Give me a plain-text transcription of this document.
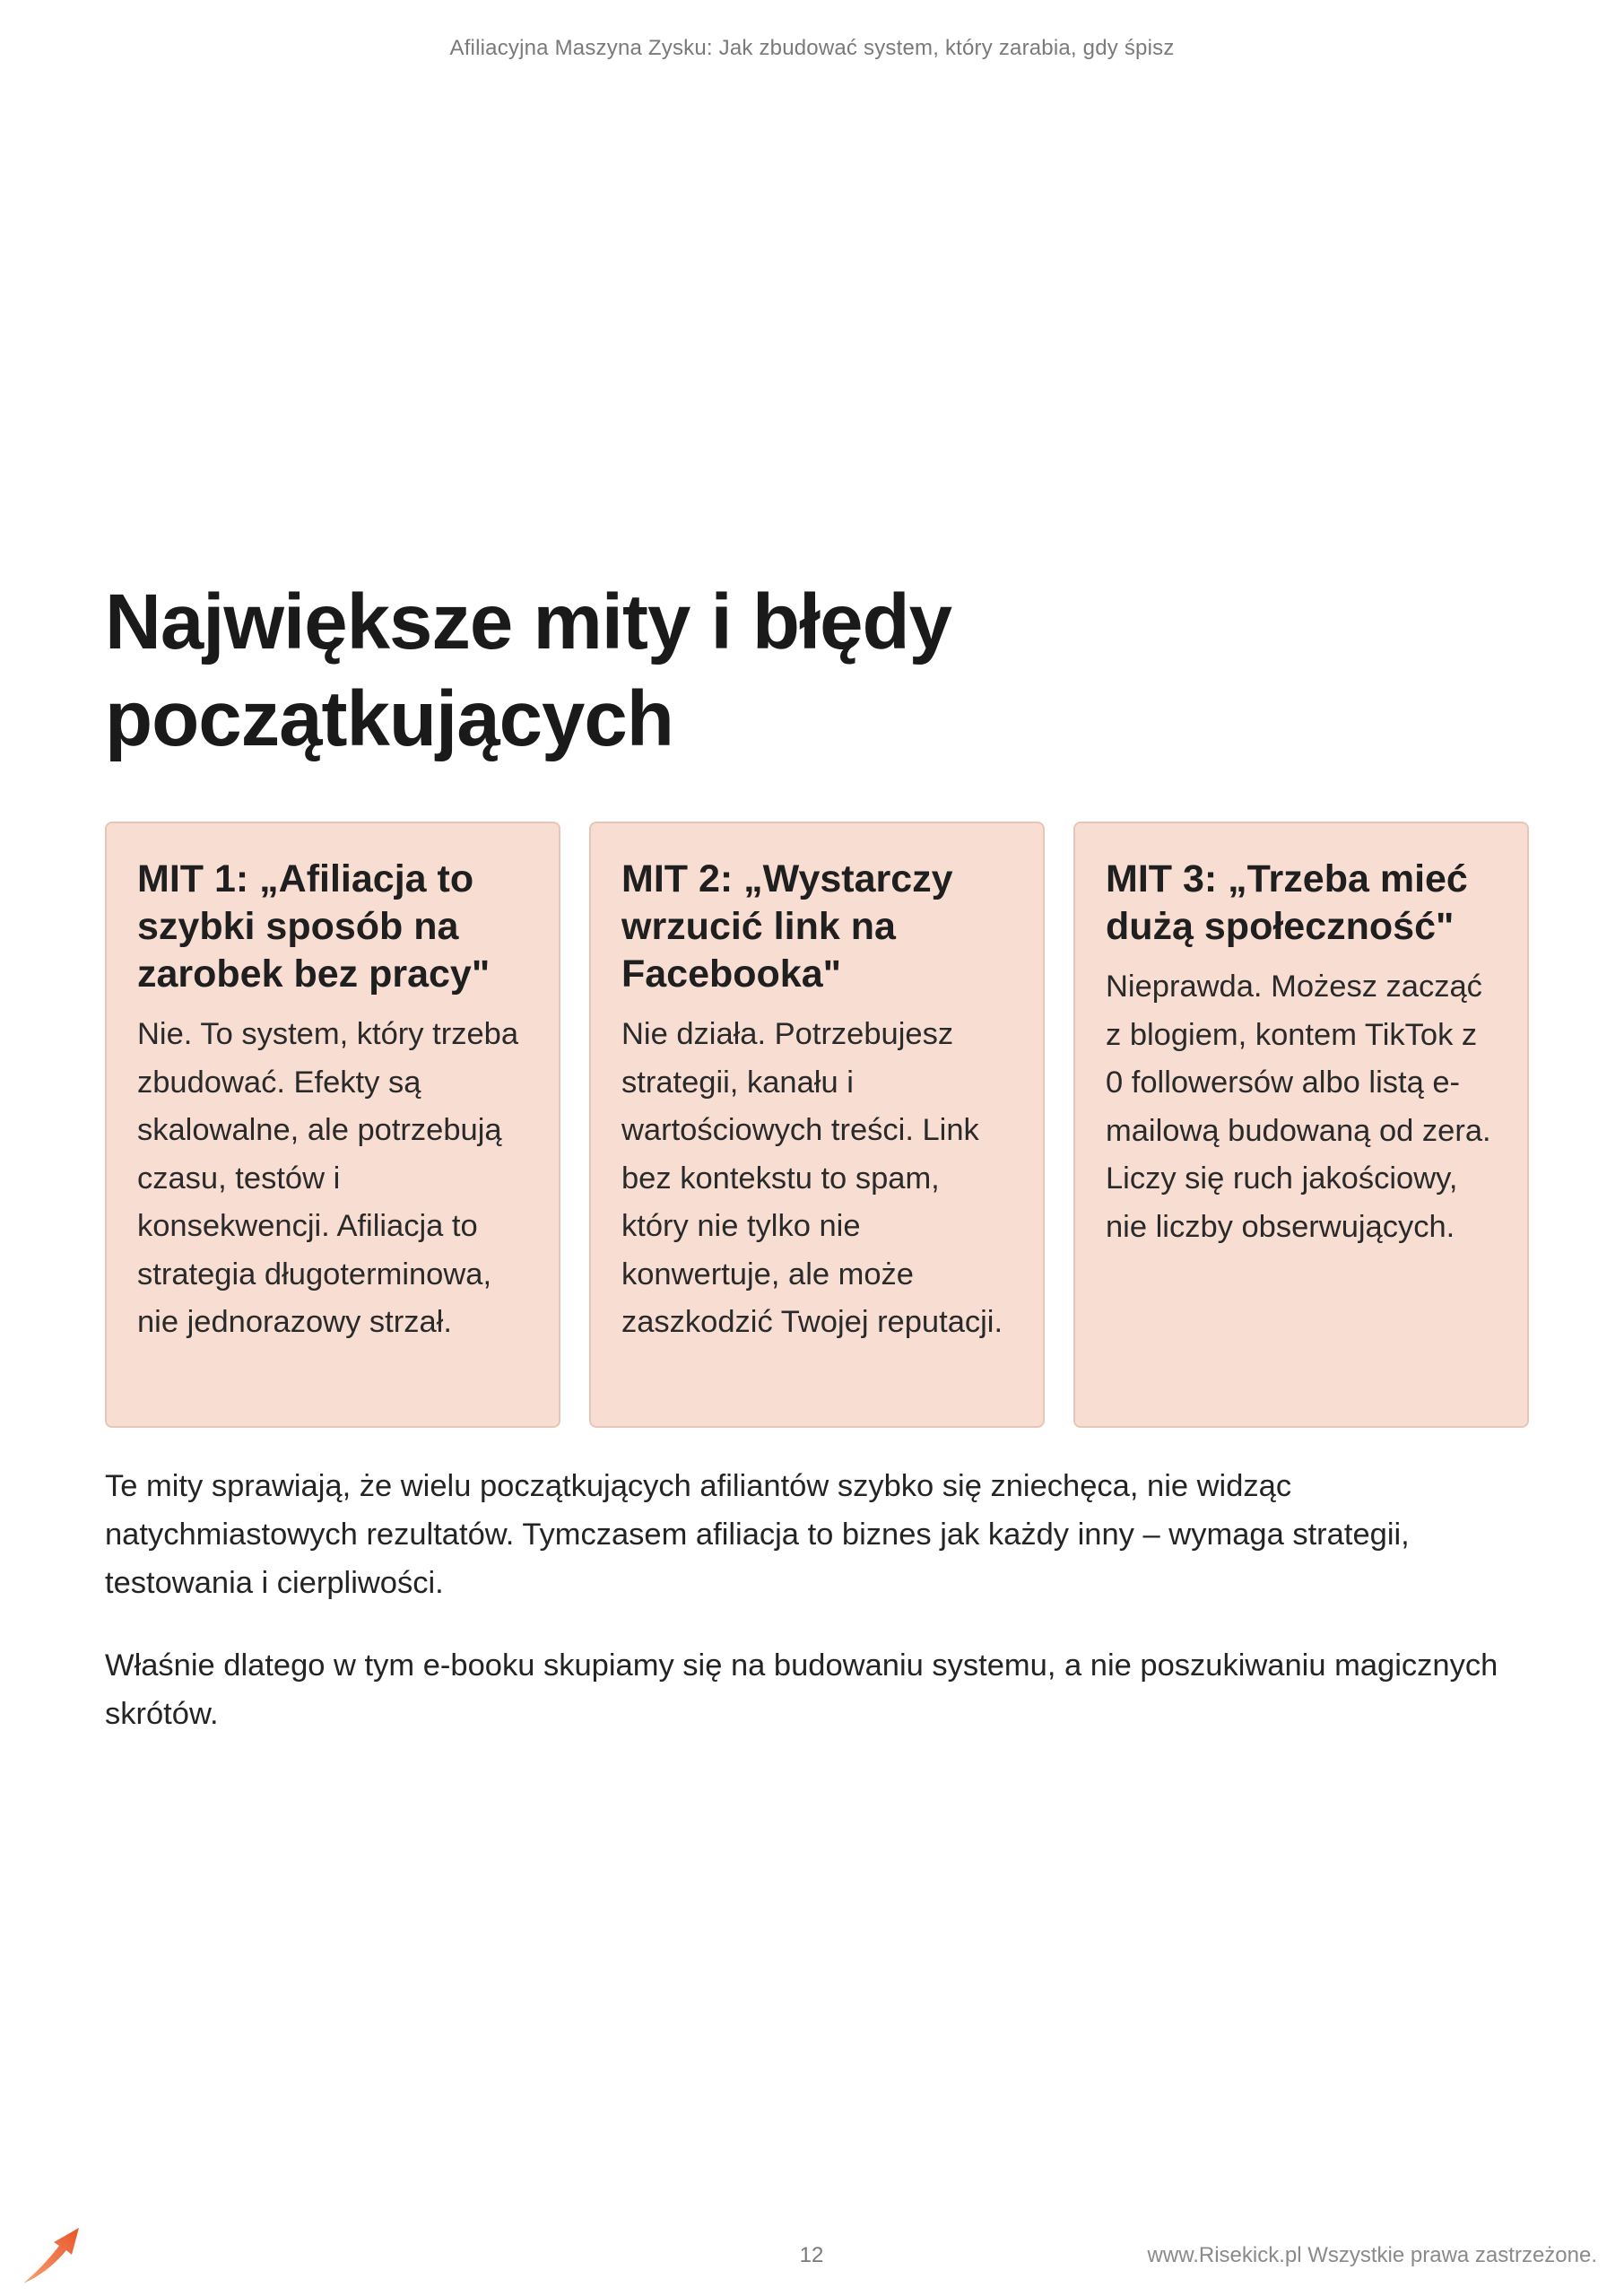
Afiliacyjna Maszyna Zysku: Jak zbudować system, który zarabia, gdy śpisz
Największe mity i błędy początkujących
MIT 1: „Afiliacja to szybki sposób na zarobek bez pracy"

Nie. To system, który trzeba zbudować. Efekty są skalowalne, ale potrzebują czasu, testów i konsekwencji. Afiliacja to strategia długoterminowa, nie jednorazowy strzał.

MIT 2: „Wystarczy wrzucić link na Facebooka"

Nie działa. Potrzebujesz strategii, kanału i wartościowych treści. Link bez kontekstu to spam, który nie tylko nie konwertuje, ale może zaszkodzić Twojej reputacji.

MIT 3: „Trzeba mieć dużą społeczność"

Nieprawda. Możesz zacząć z blogiem, kontem TikTok z 0 followersów albo listą e-mailową budowaną od zera. Liczy się ruch jakościowy, nie liczby obserwujących.

Te mity sprawiają, że wielu początkujących afiliantów szybko się zniechęca, nie widząc natychmiastowych rezultatów. Tymczasem afiliacja to biznes jak każdy inny – wymaga strategii, testowania i cierpliwości.

Właśnie dlatego w tym e-booku skupiamy się na budowaniu systemu, a nie poszukiwaniu magicznych skrótów.

12	www.Risekick.pl Wszystkie prawa zastrzeżone.
